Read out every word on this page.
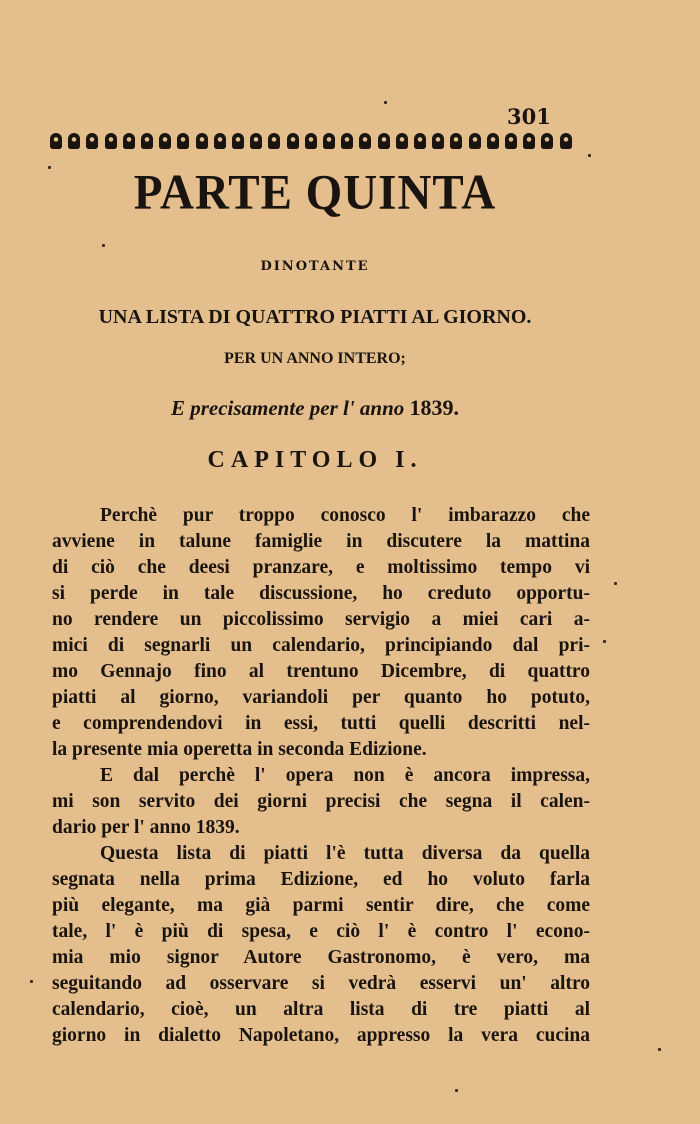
301
PARTE QUINTA
DINOTANTE
UNA LISTA DI QUATTRO PIATTI AL GIORNO.
PER UN ANNO INTERO;
E precisamente per l' anno 1839.
CAPITOLO I.
Perchè pur troppo conosco l' imbarazzo che
avviene in talune famiglie in discutere la mattina
di ciò che deesi pranzare, e moltissimo tempo vi
si perde in tale discussione, ho creduto opportu-
no rendere un piccolissimo servigio a miei cari a-
mici di segnarli un calendario, principiando dal pri-
mo Gennajo fino al trentuno Dicembre, di quattro
piatti al giorno, variandoli per quanto ho potuto,
e comprendendovi in essi, tutti quelli descritti nel-
la presente mia operetta in seconda Edizione.
E dal perchè l' opera non è ancora impressa,
mi son servito dei giorni precisi che segna il calen-
dario per l' anno 1839.
Questa lista di piatti l'è tutta diversa da quella
segnata nella prima Edizione, ed ho voluto farla
più elegante, ma già parmi sentir dire, che come
tale, l' è più di spesa, e ciò l' è contro l' econo-
mia mio signor Autore Gastronomo, è vero, ma
seguitando ad osservare si vedrà esservi un' altro
calendario, cioè, un altra lista di tre piatti al
giorno in dialetto Napoletano, appresso la vera cucina
